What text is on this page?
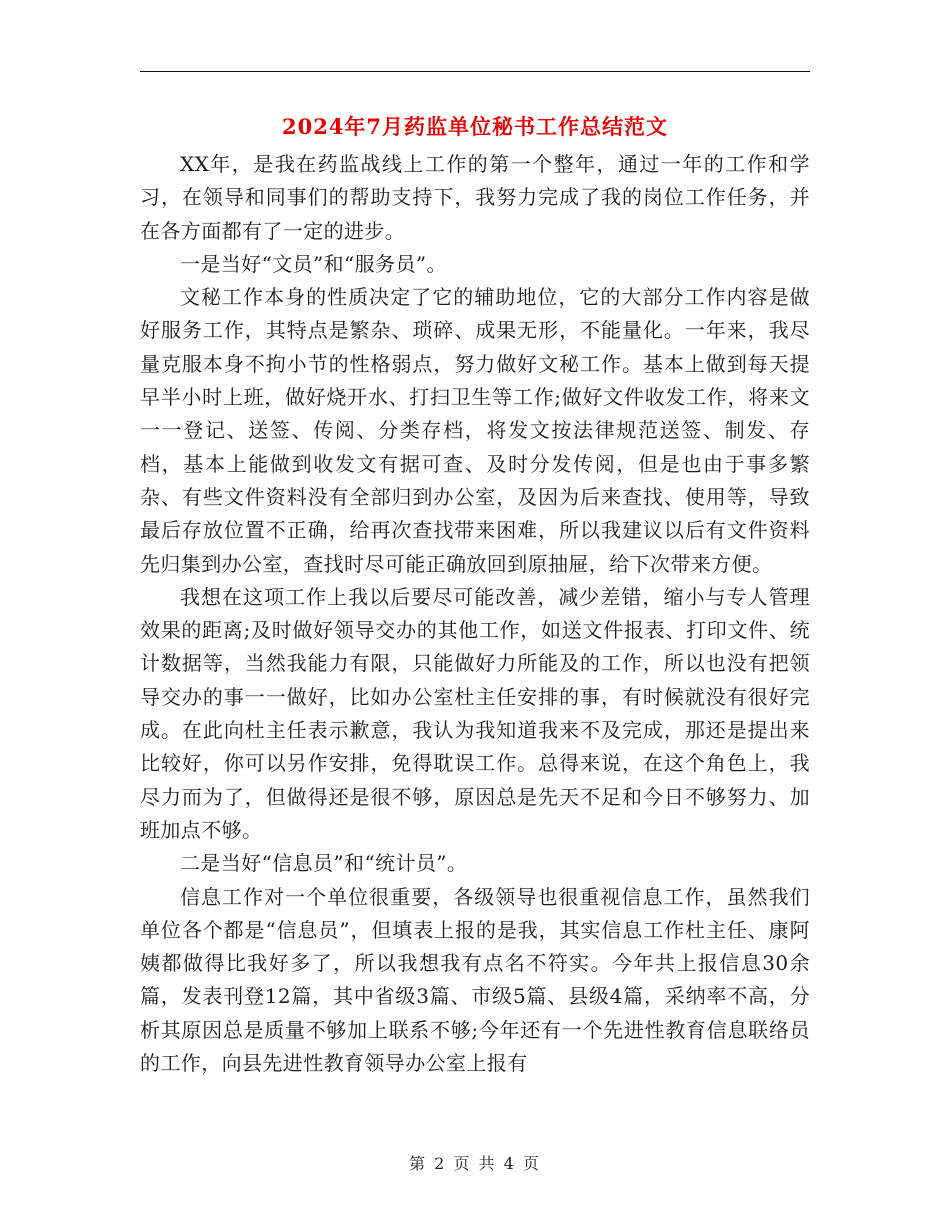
2024年7月药监单位秘书工作总结范文

XX年，是我在药监战线上工作的第一个整年，通过一年的工作和学习，在领导和同事们的帮助支持下，我努力完成了我的岗位工作任务，并在各方面都有了一定的进步。

一是当好“文员”和“服务员”。

文秘工作本身的性质决定了它的辅助地位，它的大部分工作内容是做好服务工作，其特点是繁杂、琐碎、成果无形，不能量化。一年来，我尽量克服本身不拘小节的性格弱点，努力做好文秘工作。基本上做到每天提早半小时上班，做好烧开水、打扫卫生等工作;做好文件收发工作，将来文一一登记、送签、传阅、分类存档，将发文按法律规范送签、制发、存档，基本上能做到收发文有据可查、及时分发传阅，但是也由于事多繁杂、有些文件资料没有全部归到办公室，及因为后来查找、使用等，导致最后存放位置不正确，给再次查找带来困难，所以我建议以后有文件资料先归集到办公室，查找时尽可能正确放回到原抽屉，给下次带来方便。

我想在这项工作上我以后要尽可能改善，减少差错，缩小与专人管理效果的距离;及时做好领导交办的其他工作，如送文件报表、打印文件、统计数据等，当然我能力有限，只能做好力所能及的工作，所以也没有把领导交办的事一一做好，比如办公室杜主任安排的事，有时候就没有很好完成。在此向杜主任表示歉意，我认为我知道我来不及完成，那还是提出来比较好，你可以另作安排，免得耽误工作。总得来说，在这个角色上，我尽力而为了，但做得还是很不够，原因总是先天不足和今日不够努力、加班加点不够。

二是当好“信息员”和“统计员”。

信息工作对一个单位很重要，各级领导也很重视信息工作，虽然我们单位各个都是“信息员”，但填表上报的是我，其实信息工作杜主任、康阿姨都做得比我好多了，所以我想我有点名不符实。今年共上报信息30余篇，发表刊登12篇，其中省级3篇、市级5篇、县级4篇，采纳率不高，分析其原因总是质量不够加上联系不够;今年还有一个先进性教育信息联络员的工作，向县先进性教育领导办公室上报有

第 2 页 共 4 页
